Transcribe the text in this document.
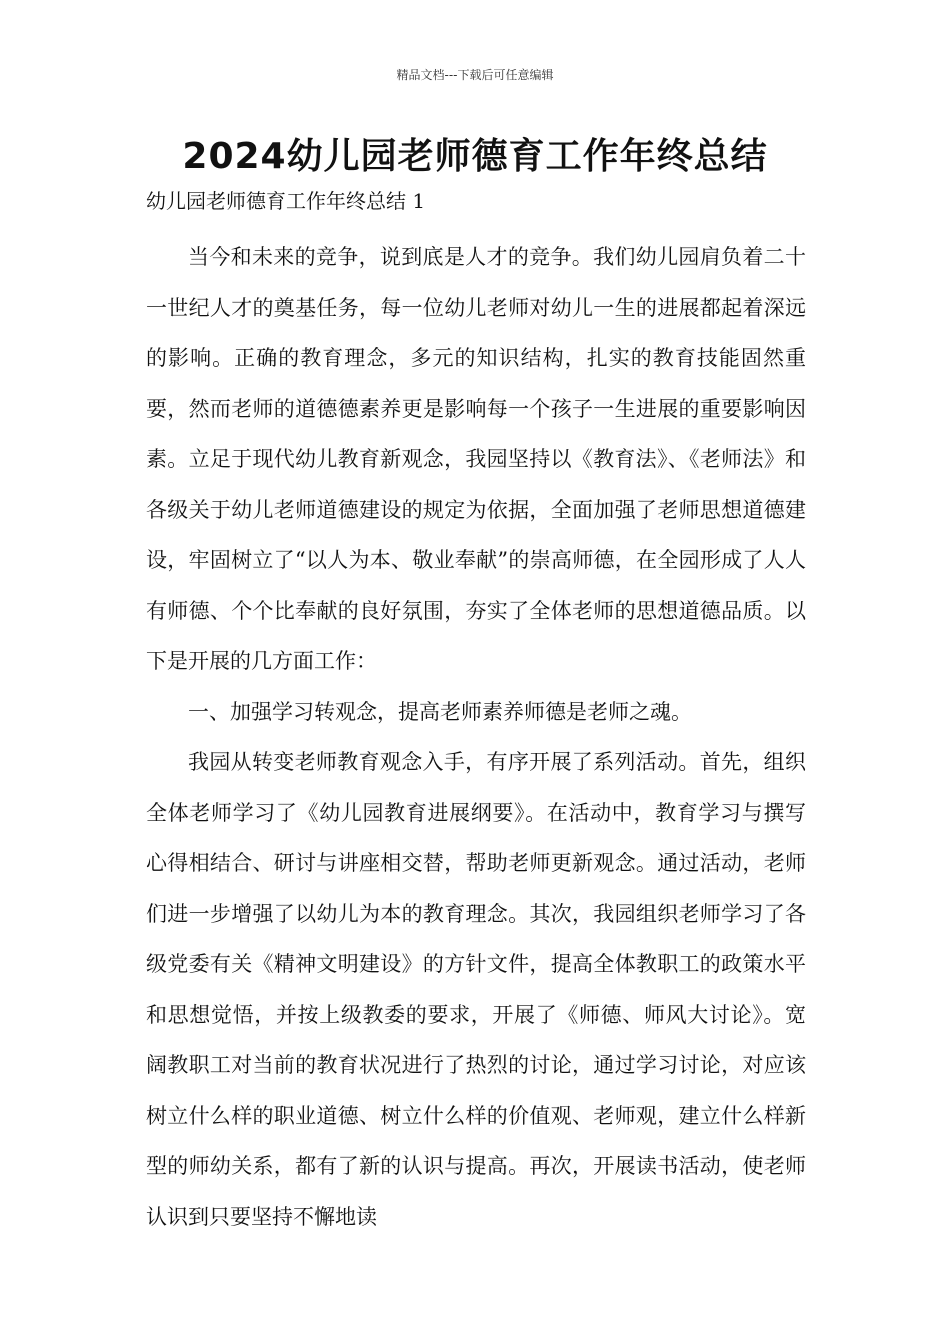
精品文档---下载后可任意编辑
2024幼儿园老师德育工作年终总结
幼儿园老师德育工作年终总结 1

当今和未来的竞争，说到底是人才的竞争。我们幼儿园肩负着二十一世纪人才的奠基任务，每一位幼儿老师对幼儿一生的进展都起着深远的影响。正确的教育理念，多元的知识结构，扎实的教育技能固然重要，然而老师的道德德素养更是影响每一个孩子一生进展的重要影响因素。立足于现代幼儿教育新观念，我园坚持以《教育法》、《老师法》和各级关于幼儿老师道德建设的规定为依据，全面加强了老师思想道德建设，牢固树立了“以人为本、敬业奉献”的崇高师德，在全园形成了人人有师德、个个比奉献的良好氛围，夯实了全体老师的思想道德品质。以下是开展的几方面工作：

一、加强学习转观念，提高老师素养师德是老师之魂。

我园从转变老师教育观念入手，有序开展了系列活动。首先，组织全体老师学习了《幼儿园教育进展纲要》。在活动中，教育学习与撰写心得相结合、研讨与讲座相交替，帮助老师更新观念。通过活动，老师们进一步增强了以幼儿为本的教育理念。其次，我园组织老师学习了各级党委有关《精神文明建设》的方针文件，提高全体教职工的政策水平和思想觉悟，并按上级教委的要求，开展了《师德、师风大讨论》。宽阔教职工对当前的教育状况进行了热烈的讨论，通过学习讨论，对应该树立什么样的职业道德、树立什么样的价值观、老师观，建立什么样新型的师幼关系，都有了新的认识与提高。再次，开展读书活动，使老师认识到只要坚持不懈地读
